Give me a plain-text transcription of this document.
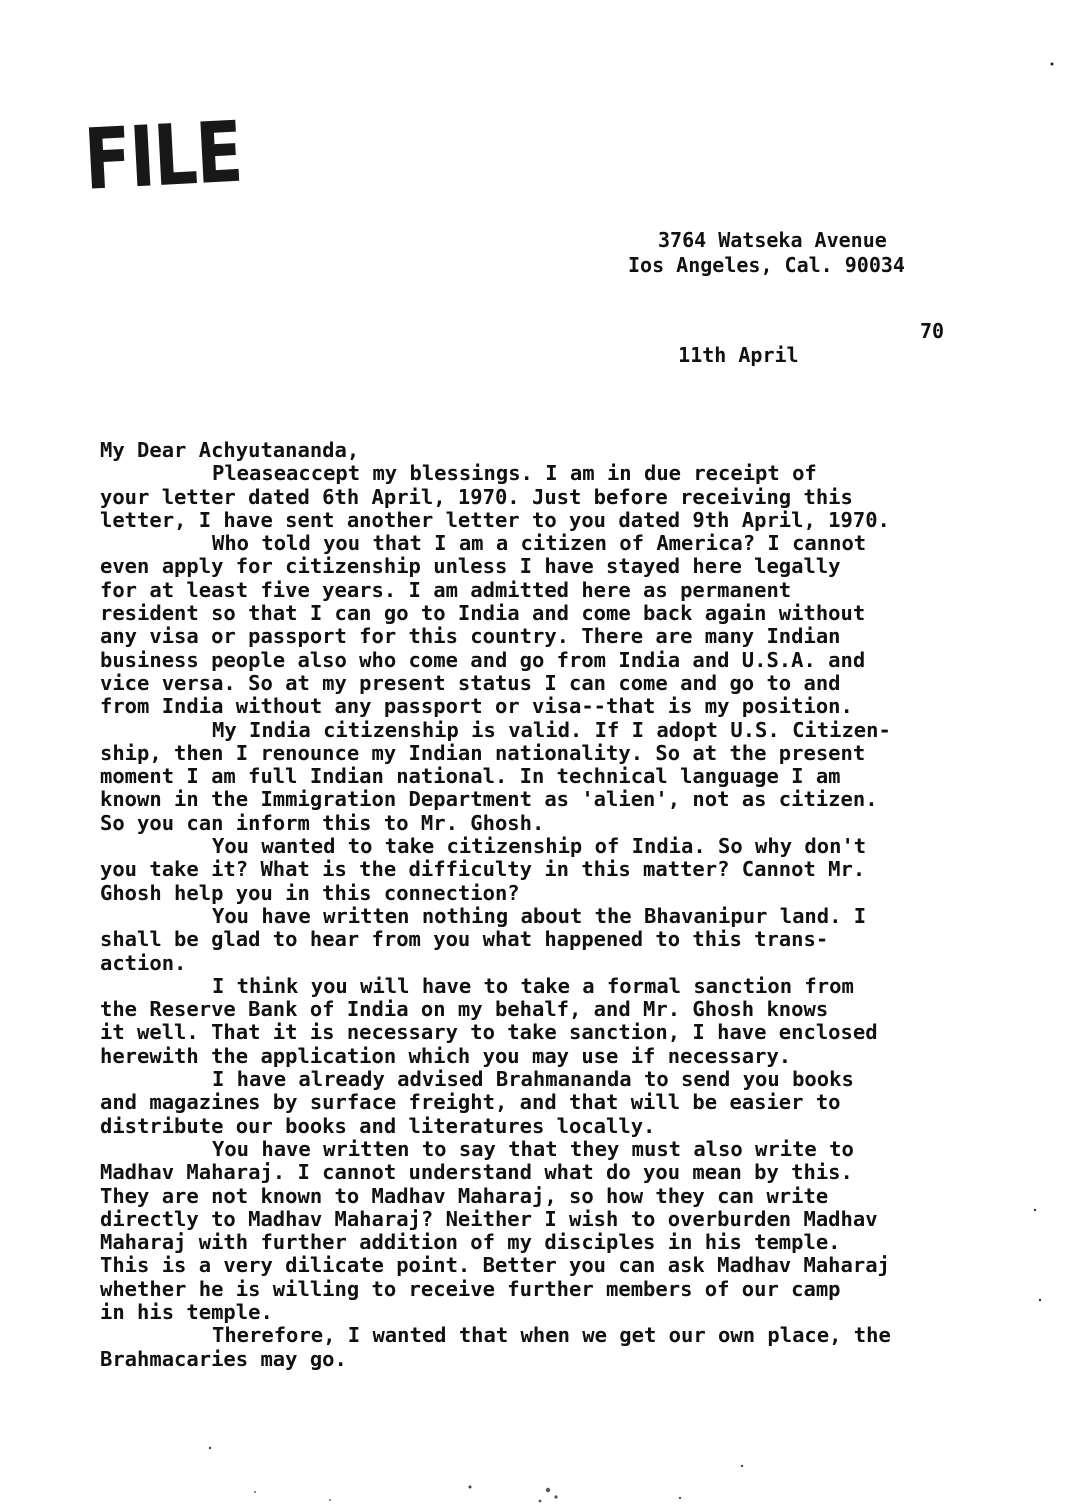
FILE
3764 Watseka Avenue
Ios Angeles, Cal. 90034

11th April

70

My Dear Achyutananda,
Pleaseaccept my blessings. I am in due receipt of
your letter dated 6th April, 1970. Just before receiving this
letter, I have sent another letter to you dated 9th April, 1970.
Who told you that I am a citizen of America? I cannot
even apply for citizenship unless I have stayed here legally
for at least five years. I am admitted here as permanent
resident so that I can go to India and come back again without
any visa or passport for this country. There are many Indian
business people also who come and go from India and U.S.A. and
vice versa. So at my present status I can come and go to and
from India without any passport or visa--that is my position.
My India citizenship is valid. If I adopt U.S. Citizen-
ship, then I renounce my Indian nationality. So at the present
moment I am full Indian national. In technical language I am
known in the Immigration Department as 'alien', not as citizen.
So you can inform this to Mr. Ghosh.
You wanted to take citizenship of India. So why don't
you take it? What is the difficulty in this matter? Cannot Mr.
Ghosh help you in this connection?
You have written nothing about the Bhavanipur land. I
shall be glad to hear from you what happened to this trans-
action.
I think you will have to take a formal sanction from
the Reserve Bank of India on my behalf, and Mr. Ghosh knows
it well. That it is necessary to take sanction, I have enclosed
herewith the application which you may use if necessary.
I have already advised Brahmananda to send you books
and magazines by surface freight, and that will be easier to
distribute our books and literatures locally.
You have written to say that they must also write to
Madhav Maharaj. I cannot understand what do you mean by this.
They are not known to Madhav Maharaj, so how they can write
directly to Madhav Maharaj? Neither I wish to overburden Madhav
Maharaj with further addition of my disciples in his temple.
This is a very dilicate point. Better you can ask Madhav Maharaj
whether he is willing to receive further members of our camp
in his temple.
Therefore, I wanted that when we get our own place, the
Brahmacaries may go.
